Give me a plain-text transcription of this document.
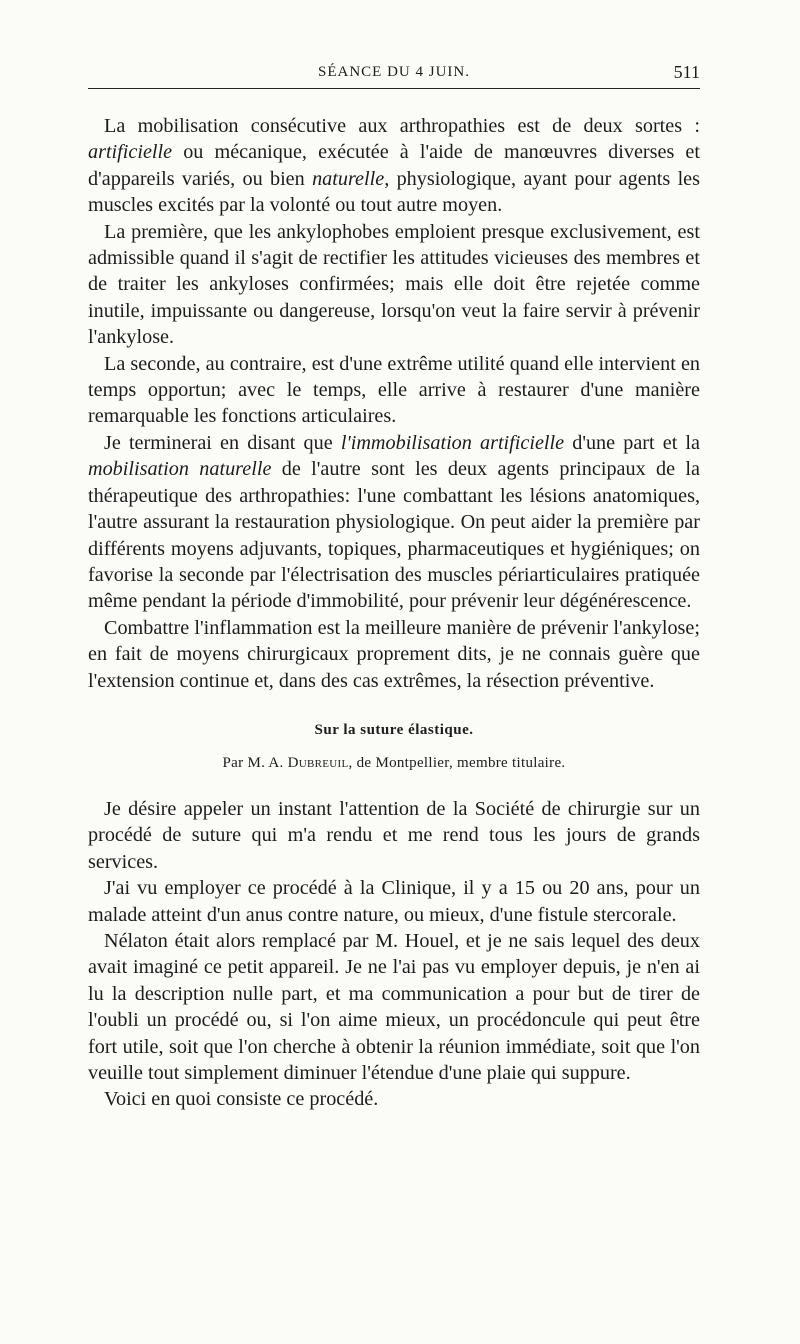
SÉANCE DU 4 JUIN.	511

La mobilisation consécutive aux arthropathies est de deux sortes : artificielle ou mécanique, exécutée à l'aide de manœuvres diverses et d'appareils variés, ou bien naturelle, physiologique, ayant pour agents les muscles excités par la volonté ou tout autre moyen.

La première, que les ankylophobes emploient presque exclusivement, est admissible quand il s'agit de rectifier les attitudes vicieuses des membres et de traiter les ankyloses confirmées; mais elle doit être rejetée comme inutile, impuissante ou dangereuse, lorsqu'on veut la faire servir à prévenir l'ankylose.

La seconde, au contraire, est d'une extrême utilité quand elle intervient en temps opportun; avec le temps, elle arrive à restaurer d'une manière remarquable les fonctions articulaires.

Je terminerai en disant que l'immobilisation artificielle d'une part et la mobilisation naturelle de l'autre sont les deux agents principaux de la thérapeutique des arthropathies: l'une combattant les lésions anatomiques, l'autre assurant la restauration physiologique. On peut aider la première par différents moyens adjuvants, topiques, pharmaceutiques et hygiéniques; on favorise la seconde par l'électrisation des muscles périarticulaires pratiquée même pendant la période d'immobilité, pour prévenir leur dégénérescence.

Combattre l'inflammation est la meilleure manière de prévenir l'ankylose; en fait de moyens chirurgicaux proprement dits, je ne connais guère que l'extension continue et, dans des cas extrêmes, la résection préventive.

Sur la suture élastique.
Par M. A. Dubreuil, de Montpellier, membre titulaire.

Je désire appeler un instant l'attention de la Société de chirurgie sur un procédé de suture qui m'a rendu et me rend tous les jours de grands services.

J'ai vu employer ce procédé à la Clinique, il y a 15 ou 20 ans, pour un malade atteint d'un anus contre nature, ou mieux, d'une fistule stercorale.

Nélaton était alors remplacé par M. Houel, et je ne sais lequel des deux avait imaginé ce petit appareil. Je ne l'ai pas vu employer depuis, je n'en ai lu la description nulle part, et ma communication a pour but de tirer de l'oubli un procédé ou, si l'on aime mieux, un procédoncule qui peut être fort utile, soit que l'on cherche à obtenir la réunion immédiate, soit que l'on veuille tout simplement diminuer l'étendue d'une plaie qui suppure.

Voici en quoi consiste ce procédé.
